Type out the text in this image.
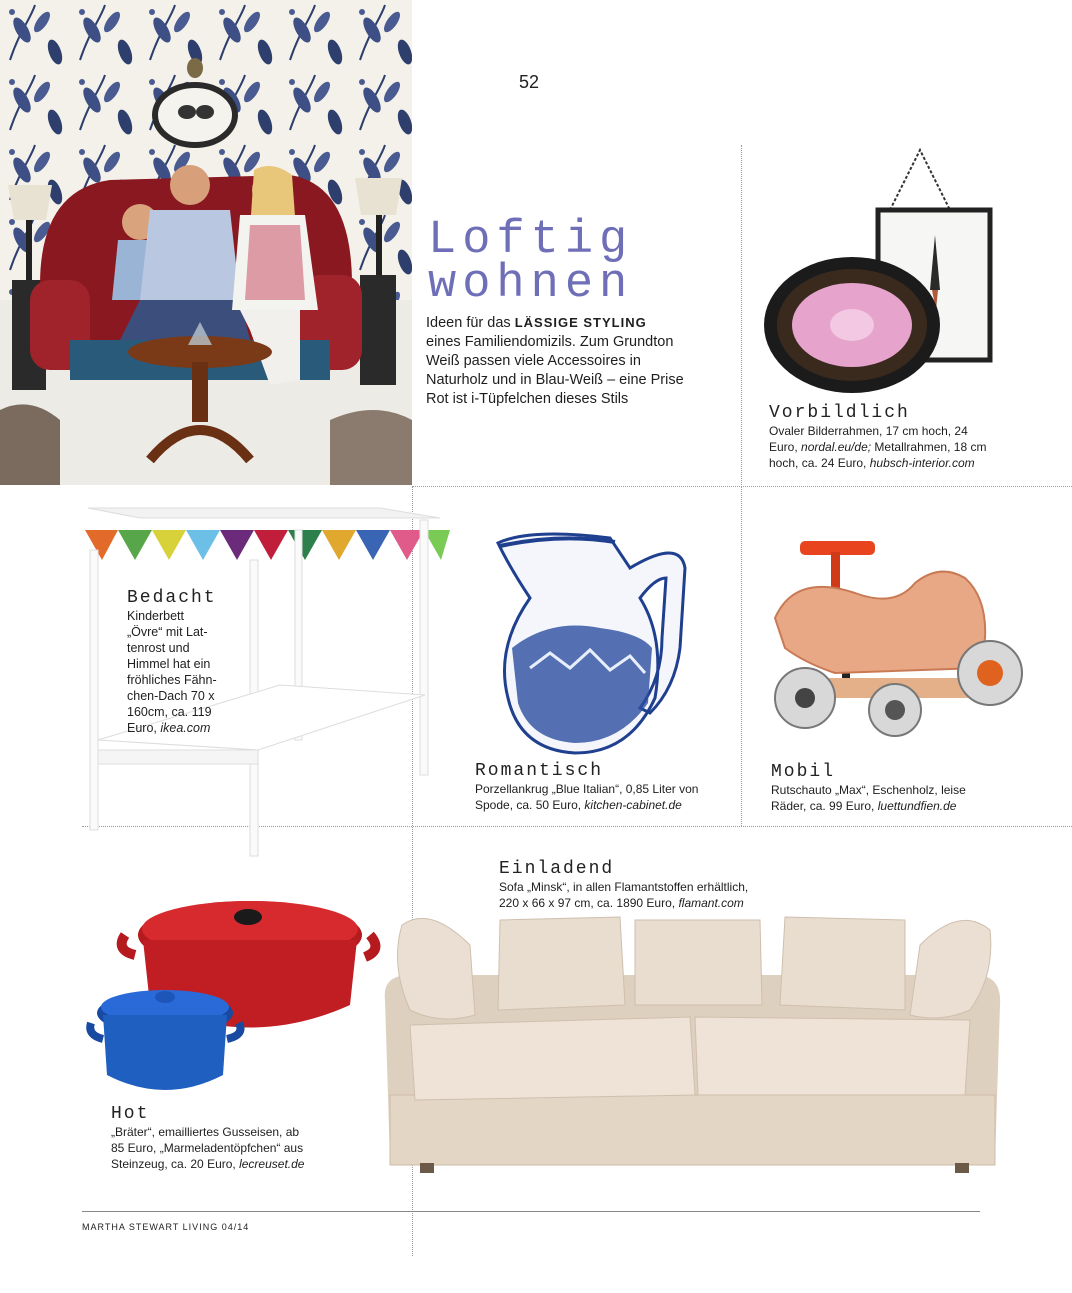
52
Loftig
wohnen
Ideen für das LÄSSIGE STYLING
eines Familiendomizils. Zum Grundton
Weiß passen viele Accessoires in
Naturholz und in Blau-Weiß – eine Prise
Rot ist i-Tüpfelchen dieses Stils
Vorbildlich
Ovaler Bilderrahmen, 17 cm hoch, 24
Euro, nordal.eu/de; Metallrahmen, 18 cm
hoch, ca. 24 Euro, hubsch-interior.com
Bedacht
Kinderbett
„Övre“ mit Lat-
tenrost und
Himmel hat ein
fröhliches Fähn-
chen-Dach 70 x
160cm, ca. 119
Euro, ikea.com
Romantisch
Porzellankrug „Blue Italian“, 0,85 Liter von
Spode, ca. 50 Euro, kitchen-cabinet.de
Mobil
Rutschauto „Max“, Eschenholz, leise
Räder, ca. 99 Euro, luettundfien.de
Einladend
Sofa „Minsk“, in allen Flamantstoffen erhältlich,
220 x 66 x 97 cm, ca. 1890 Euro, flamant.com
Hot
„Bräter“, emailliertes Gusseisen, ab
85 Euro, „Marmeladentöpfchen“ aus
Steinzeug, ca. 20 Euro, lecreuset.de
MARTHA STEWART LIVING 04/14
